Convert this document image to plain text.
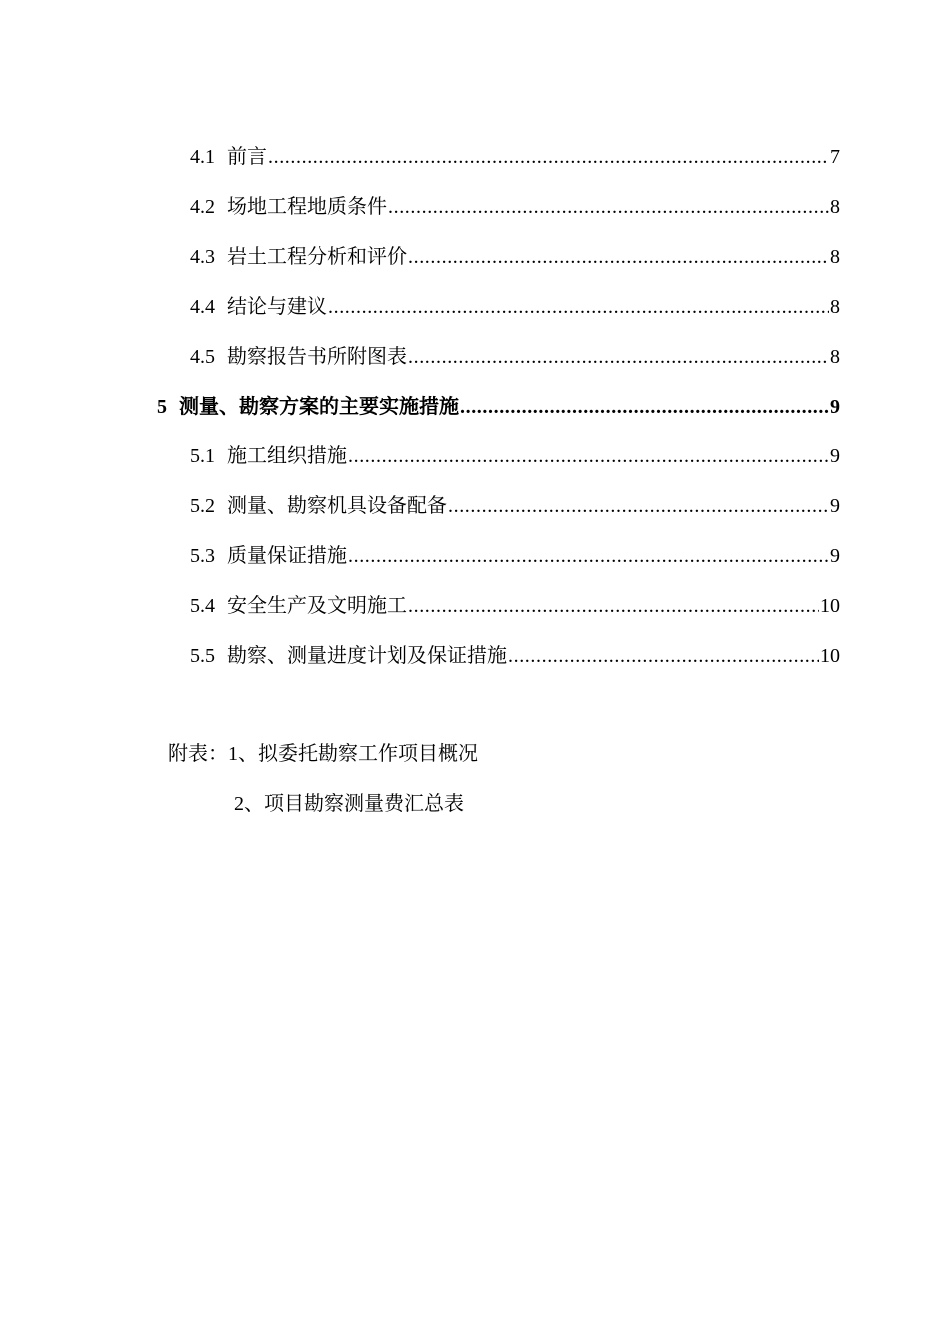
4.1 前言 .....	7
4.2 场地工程地质条件 .....	8
4.3 岩土工程分析和评价 .....	8
4.4 结论与建议 .....	8
4.5 勘察报告书所附图表 .....	8
5 测量、勘察方案的主要实施措施 .....	9
5.1 施工组织措施 .....	9
5.2 测量、勘察机具设备配备 .....	9
5.3 质量保证措施 .....	9
5.4 安全生产及文明施工 .....	10
5.5 勘察、测量进度计划及保证措施 .....	10
附表：1、拟委托勘察工作项目概况
2、项目勘察测量费汇总表
